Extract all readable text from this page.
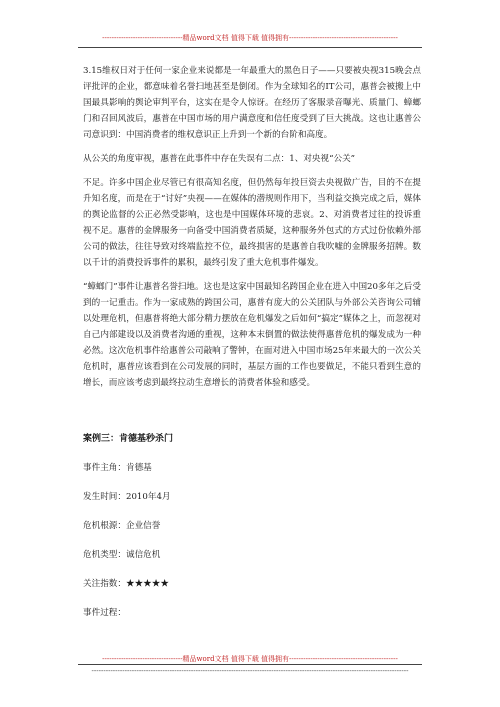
----------------------------------精品word文档 值得下载 值得拥有----------------------------------------------

3.15维权日对于任何一家企业来说都是一年最重大的黑色日子——只要被央视315晚会点评批评的企业，都意味着名誉扫地甚至是倒闭。作为全球知名的IT公司，惠普会被搬上中国最具影响的舆论审判平台，这实在是令人惊讶。在经历了客服录音曝光、质量门、蟑螂门和召回风波后，惠普在中国市场的用户满意度和信任度受到了巨大挑战。这也让惠普公司意识到：中国消费者的维权意识正上升到一个新的台阶和高度。

从公关的角度审视，惠普在此事件中存在失误有二点：1、对央视“公关”

不足。许多中国企业尽管已有很高知名度，但仍然每年投巨资去央视做广告，目的不在提升知名度，而是在于“讨好”央视——在媒体的潜规则作用下，当利益交换完成之后，媒体的舆论监督的公正必然受影响，这也是中国媒体环境的悲哀。2、对消费者过往的投诉重视不足。惠普的金牌服务一向备受中国消费者质疑，这种服务外包式的方式过份依赖外部公司的做法，往往导致对终端监控不位，最终损害的是惠普自我吹嘘的金牌服务招牌。数以千计的消费投诉事件的累积，最终引发了重大危机事件爆发。

“蟑螂门”事件让惠普名誉扫地。这也是这家中国最知名跨国企业在进入中国20多年之后受到的一记重击。作为一家成熟的跨国公司，惠普有庞大的公关团队与外部公关咨询公司辅以处理危机，但惠普将绝大部分精力摆放在危机爆发之后如何“搞定”媒体之上，而忽视对自己内部建设以及消费者沟通的重视，这种本末倒置的做法使得惠普危机的爆发成为一种必然。这次危机事件给惠普公司敲响了警钟，在面对进入中国市场25年来最大的一次公关危机时，惠普应该看到在公司发展的同时，基层方面的工作也要做足，不能只看到生意的增长，而应该考虑到最终拉动生意增长的消费者体验和感受。

案例三：肯德基秒杀门
事件主角：肯德基
发生时间：2010年4月
危机根源：企业信誉
危机类型：诚信危机
关注指数：★★★★★
事件过程：
----------------------------------精品word文档 值得下载 值得拥有----------------------------------------------
--------------------------------------------------------------------------------------------------------------------------------------
